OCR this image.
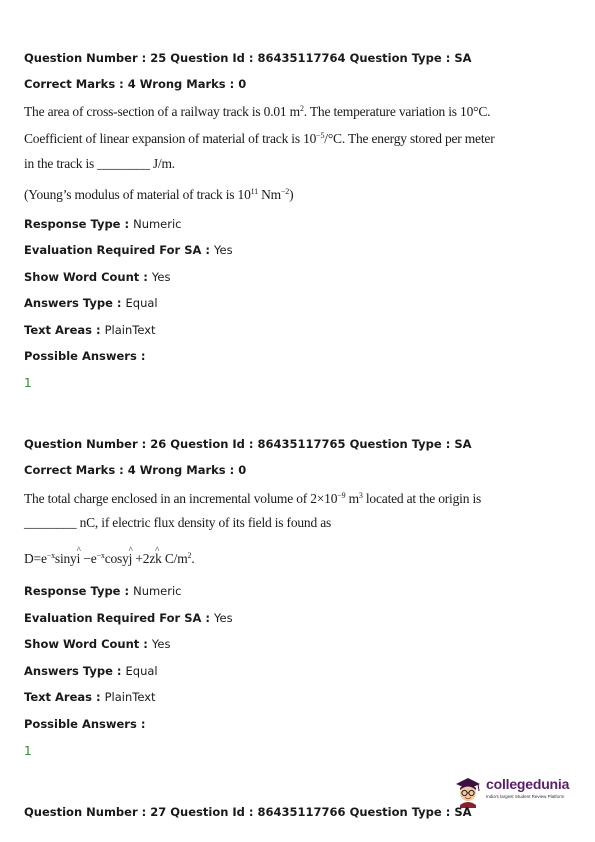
Question Number : 25 Question Id : 86435117764 Question Type : SA
Correct Marks : 4 Wrong Marks : 0
The area of cross-section of a railway track is 0.01 $m^2$. The temperature variation is 10°C.
Coefficient of linear expansion of material of track is $10^{-5}/^\circ C$. The energy stored per meter
in the track is ________ J/m.
(Young’s modulus of material of track is $10^{11}$ $Nm^{-2}$)
Response Type : Numeric
Evaluation Required For SA : Yes
Show Word Count : Yes
Answers Type : Equal
Text Areas : PlainText
Possible Answers :
1
Question Number : 26 Question Id : 86435117765 Question Type : SA
Correct Marks : 4 Wrong Marks : 0
The total charge enclosed in an incremental volume of $2\times 10^{-9}$ $m^3$ located at the origin is
________ nC, if electric flux density of its field is found as
$D=e^{-x}\sin y\^{}$ $i -e^{-x}\cos y\^{}$ j +2z^ k $C/m^2$.
Response Type : Numeric
Evaluation Required For SA : Yes
Show Word Count : Yes
Answers Type : Equal
Text Areas : PlainText
Possible Answers :
1
collegedunia
India's largest Student Review Platform
Question Number : 27 Question Id : 86435117766 Question Type : SA
